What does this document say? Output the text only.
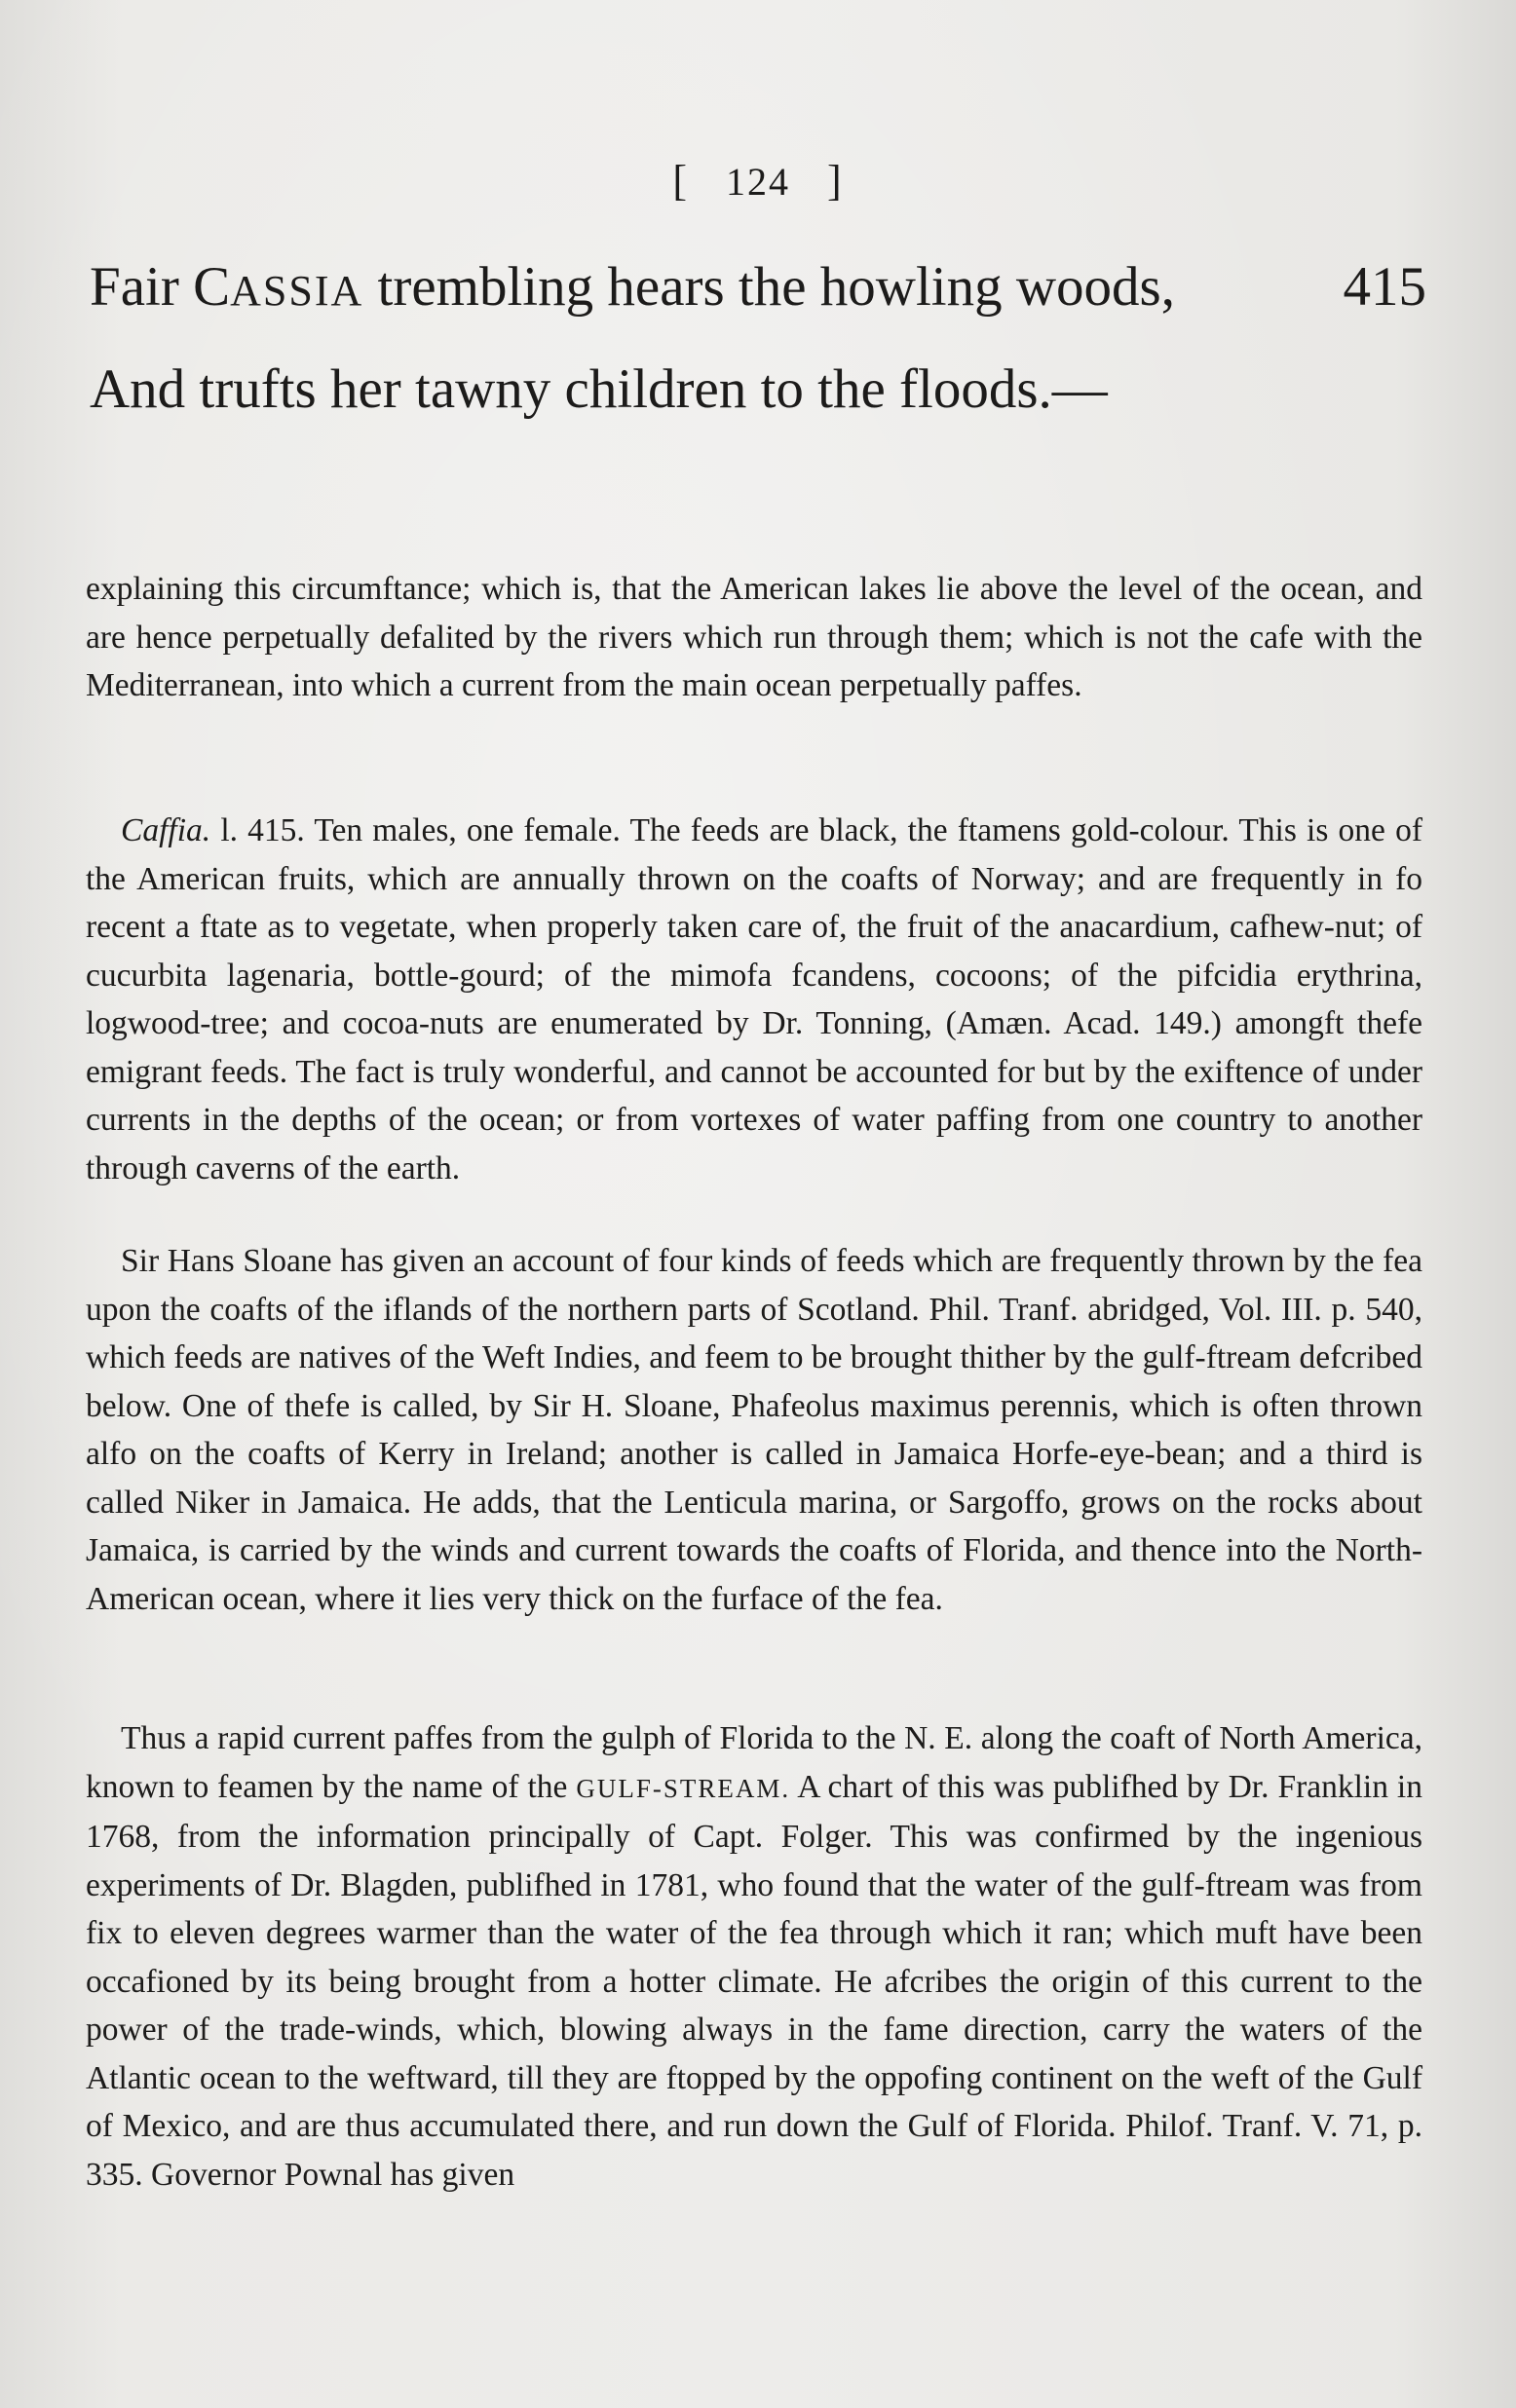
[ 124 ]
Fair CASSIA trembling hears the howling woods,	415
And trufts her tawny children to the floods.—

explaining this circumftance; which is, that the American lakes lie above the level of the ocean, and are hence perpetually defalited by the rivers which run through them; which is not the cafe with the Mediterranean, into which a current from the main ocean perpetually paffes.

Caffia. l. 415. Ten males, one female. The feeds are black, the ftamens gold-colour. This is one of the American fruits, which are annually thrown on the coafts of Norway; and are frequently in fo recent a ftate as to vegetate, when properly taken care of, the fruit of the anacardium, cafhew-nut; of cucurbita lagenaria, bottle-gourd; of the mimofa fcandens, cocoons; of the pifcidia erythrina, logwood-tree; and cocoa-nuts are enumerated by Dr. Tonning, (Amæn. Acad. 149.) amongft thefe emigrant feeds. The fact is truly wonderful, and cannot be accounted for but by the exiftence of under currents in the depths of the ocean; or from vortexes of water paffing from one country to another through caverns of the earth.

Sir Hans Sloane has given an account of four kinds of feeds which are frequently thrown by the fea upon the coafts of the iflands of the northern parts of Scotland. Phil. Tranf. abridged, Vol. III. p. 540, which feeds are natives of the Weft Indies, and feem to be brought thither by the gulf-ftream defcribed below. One of thefe is called, by Sir H. Sloane, Phafeolus maximus perennis, which is often thrown alfo on the coafts of Kerry in Ireland; another is called in Jamaica Horfe-eye-bean; and a third is called Niker in Jamaica. He adds, that the Lenticula marina, or Sargoffo, grows on the rocks about Jamaica, is carried by the winds and current towards the coafts of Florida, and thence into the North-American ocean, where it lies very thick on the furface of the fea.

Thus a rapid current paffes from the gulph of Florida to the N. E. along the coaft of North America, known to feamen by the name of the GULF-STREAM. A chart of this was publifhed by Dr. Franklin in 1768, from the information principally of Capt. Folger. This was confirmed by the ingenious experiments of Dr. Blagden, publifhed in 1781, who found that the water of the gulf-ftream was from fix to eleven degrees warmer than the water of the fea through which it ran; which muft have been occafioned by its being brought from a hotter climate. He afcribes the origin of this current to the power of the trade-winds, which, blowing always in the fame direction, carry the waters of the Atlantic ocean to the weftward, till they are ftopped by the oppofing continent on the weft of the Gulf of Mexico, and are thus accumulated there, and run down the Gulf of Florida. Philof. Tranf. V. 71, p. 335. Governor Pownal has given
